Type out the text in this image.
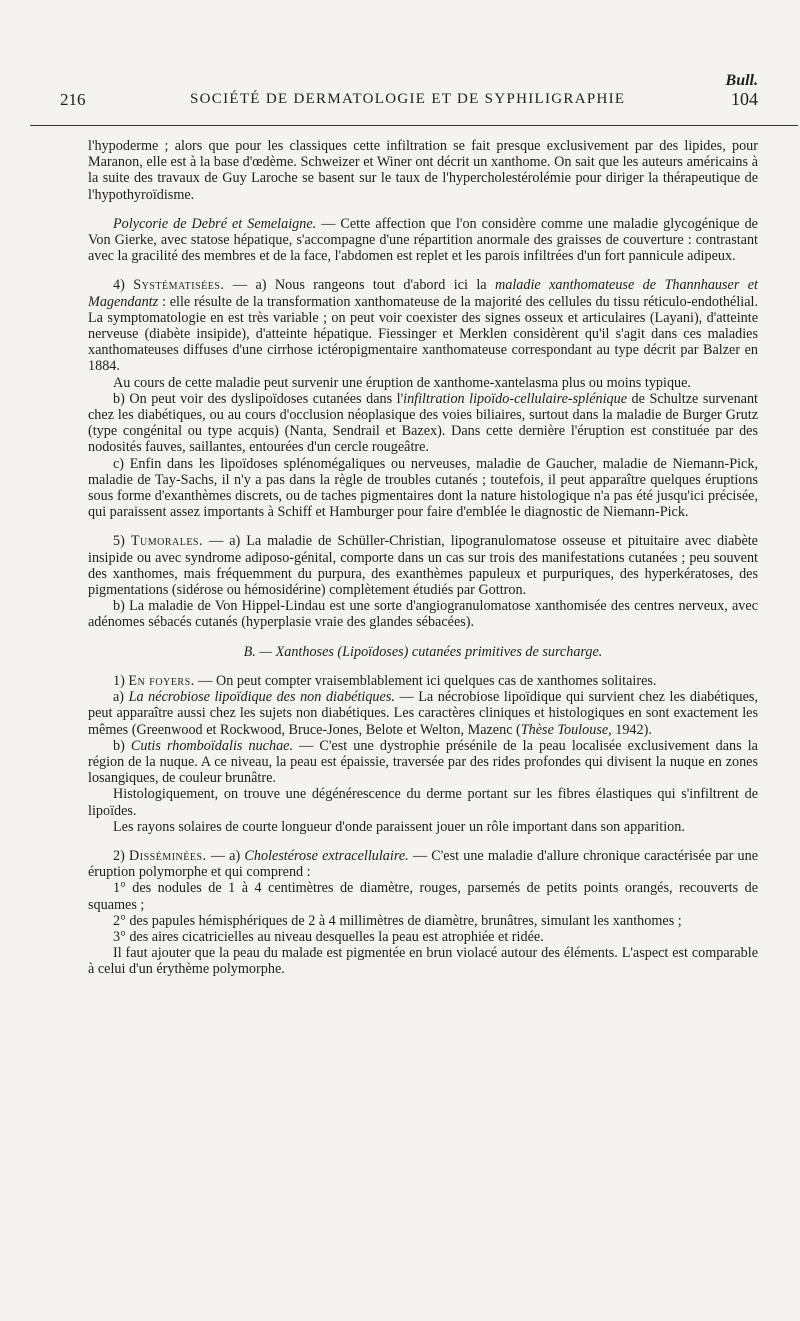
Bull.
216	SOCIÉTÉ DE DERMATOLOGIE ET DE SYPHILIGRAPHIE	104

l'hypoderme ; alors que pour les classiques cette infiltration se fait presque exclusivement par des lipides, pour Maranon, elle est à la base d'œdème. Schweizer et Winer ont décrit un xanthome. On sait que les auteurs américains à la suite des travaux de Guy Laroche se basent sur le taux de l'hypercholestérolémie pour diriger la thérapeutique de l'hypothyroïdisme.

Polycorie de Debré et Semelaigne. — Cette affection que l'on considère comme une maladie glycogénique de Von Gierke, avec statose hépatique, s'accompagne d'une répartition anormale des graisses de couverture : contrastant avec la gracilité des membres et de la face, l'abdomen est replet et les parois infiltrées d'un fort pannicule adipeux.

4) Systématisées. — a) Nous rangeons tout d'abord ici la maladie xanthomateuse de Thannhauser et Magendantz : elle résulte de la transformation xanthomateuse de la majorité des cellules du tissu réticulo-endothélial. La symptomatologie en est très variable ; on peut voir coexister des signes osseux et articulaires (Layani), d'atteinte nerveuse (diabète insipide), d'atteinte hépatique. Fiessinger et Merklen considèrent qu'il s'agit dans ces maladies xanthomateuses diffuses d'une cirrhose ictéropigmentaire xanthomateuse correspondant au type décrit par Balzer en 1884.

Au cours de cette maladie peut survenir une éruption de xanthome-xantelasma plus ou moins typique.

b) On peut voir des dyslipoïdoses cutanées dans l'infiltration lipoïdo-cellulaire-splénique de Schultze survenant chez les diabétiques, ou au cours d'occlusion néoplasique des voies biliaires, surtout dans la maladie de Burger Grutz (type congénital ou type acquis) (Nanta, Sendrail et Bazex). Dans cette dernière l'éruption est constituée par des nodosités fauves, saillantes, entourées d'un cercle rougeâtre.

c) Enfin dans les lipoïdoses splénomégaliques ou nerveuses, maladie de Gaucher, maladie de Niemann-Pick, maladie de Tay-Sachs, il n'y a pas dans la règle de troubles cutanés ; toutefois, il peut apparaître quelques éruptions sous forme d'exanthèmes discrets, ou de taches pigmentaires dont la nature histologique n'a pas été jusqu'ici précisée, qui paraissent assez importants à Schiff et Hamburger pour faire d'emblée le diagnostic de Niemann-Pick.

5) Tumorales. — a) La maladie de Schüller-Christian, lipogranulomatose osseuse et pituitaire avec diabète insipide ou avec syndrome adiposo-génital, comporte dans un cas sur trois des manifestations cutanées ; peu souvent des xanthomes, mais fréquemment du purpura, des exanthèmes papuleux et purpuriques, des hyperkératoses, des pigmentations (sidérose ou hémosidérine) complètement étudiés par Gottron.

b) La maladie de Von Hippel-Lindau est une sorte d'angiogranulomatose xanthomisée des centres nerveux, avec adénomes sébacés cutanés (hyperplasie vraie des glandes sébacées).

B. — Xanthoses (Lipoïdoses) cutanées primitives de surcharge.

1) En foyers. — On peut compter vraisemblablement ici quelques cas de xanthomes solitaires.

a) La nécrobiose lipoïdique des non diabétiques. — La nécrobiose lipoïdique qui survient chez les diabétiques, peut apparaître aussi chez les sujets non diabétiques. Les caractères cliniques et histologiques en sont exactement les mêmes (Greenwood et Rockwood, Bruce-Jones, Belote et Welton, Mazenc (Thèse Toulouse, 1942).

b) Cutis rhomboïdalis nuchae. — C'est une dystrophie présénile de la peau localisée exclusivement dans la région de la nuque. A ce niveau, la peau est épaissie, traversée par des rides profondes qui divisent la nuque en zones losangiques, de couleur brunâtre.

Histologiquement, on trouve une dégénérescence du derme portant sur les fibres élastiques qui s'infiltrent de lipoïdes.

Les rayons solaires de courte longueur d'onde paraissent jouer un rôle important dans son apparition.

2) Disséminées. — a) Cholestérose extracellulaire. — C'est une maladie d'allure chronique caractérisée par une éruption polymorphe et qui comprend :

1° des nodules de 1 à 4 centimètres de diamètre, rouges, parsemés de petits points orangés, recouverts de squames ;

2° des papules hémisphériques de 2 à 4 millimètres de diamètre, brunâtres, simulant les xanthomes ;

3° des aires cicatricielles au niveau desquelles la peau est atrophiée et ridée.

Il faut ajouter que la peau du malade est pigmentée en brun violacé autour des éléments. L'aspect est comparable à celui d'un érythème polymorphe.
